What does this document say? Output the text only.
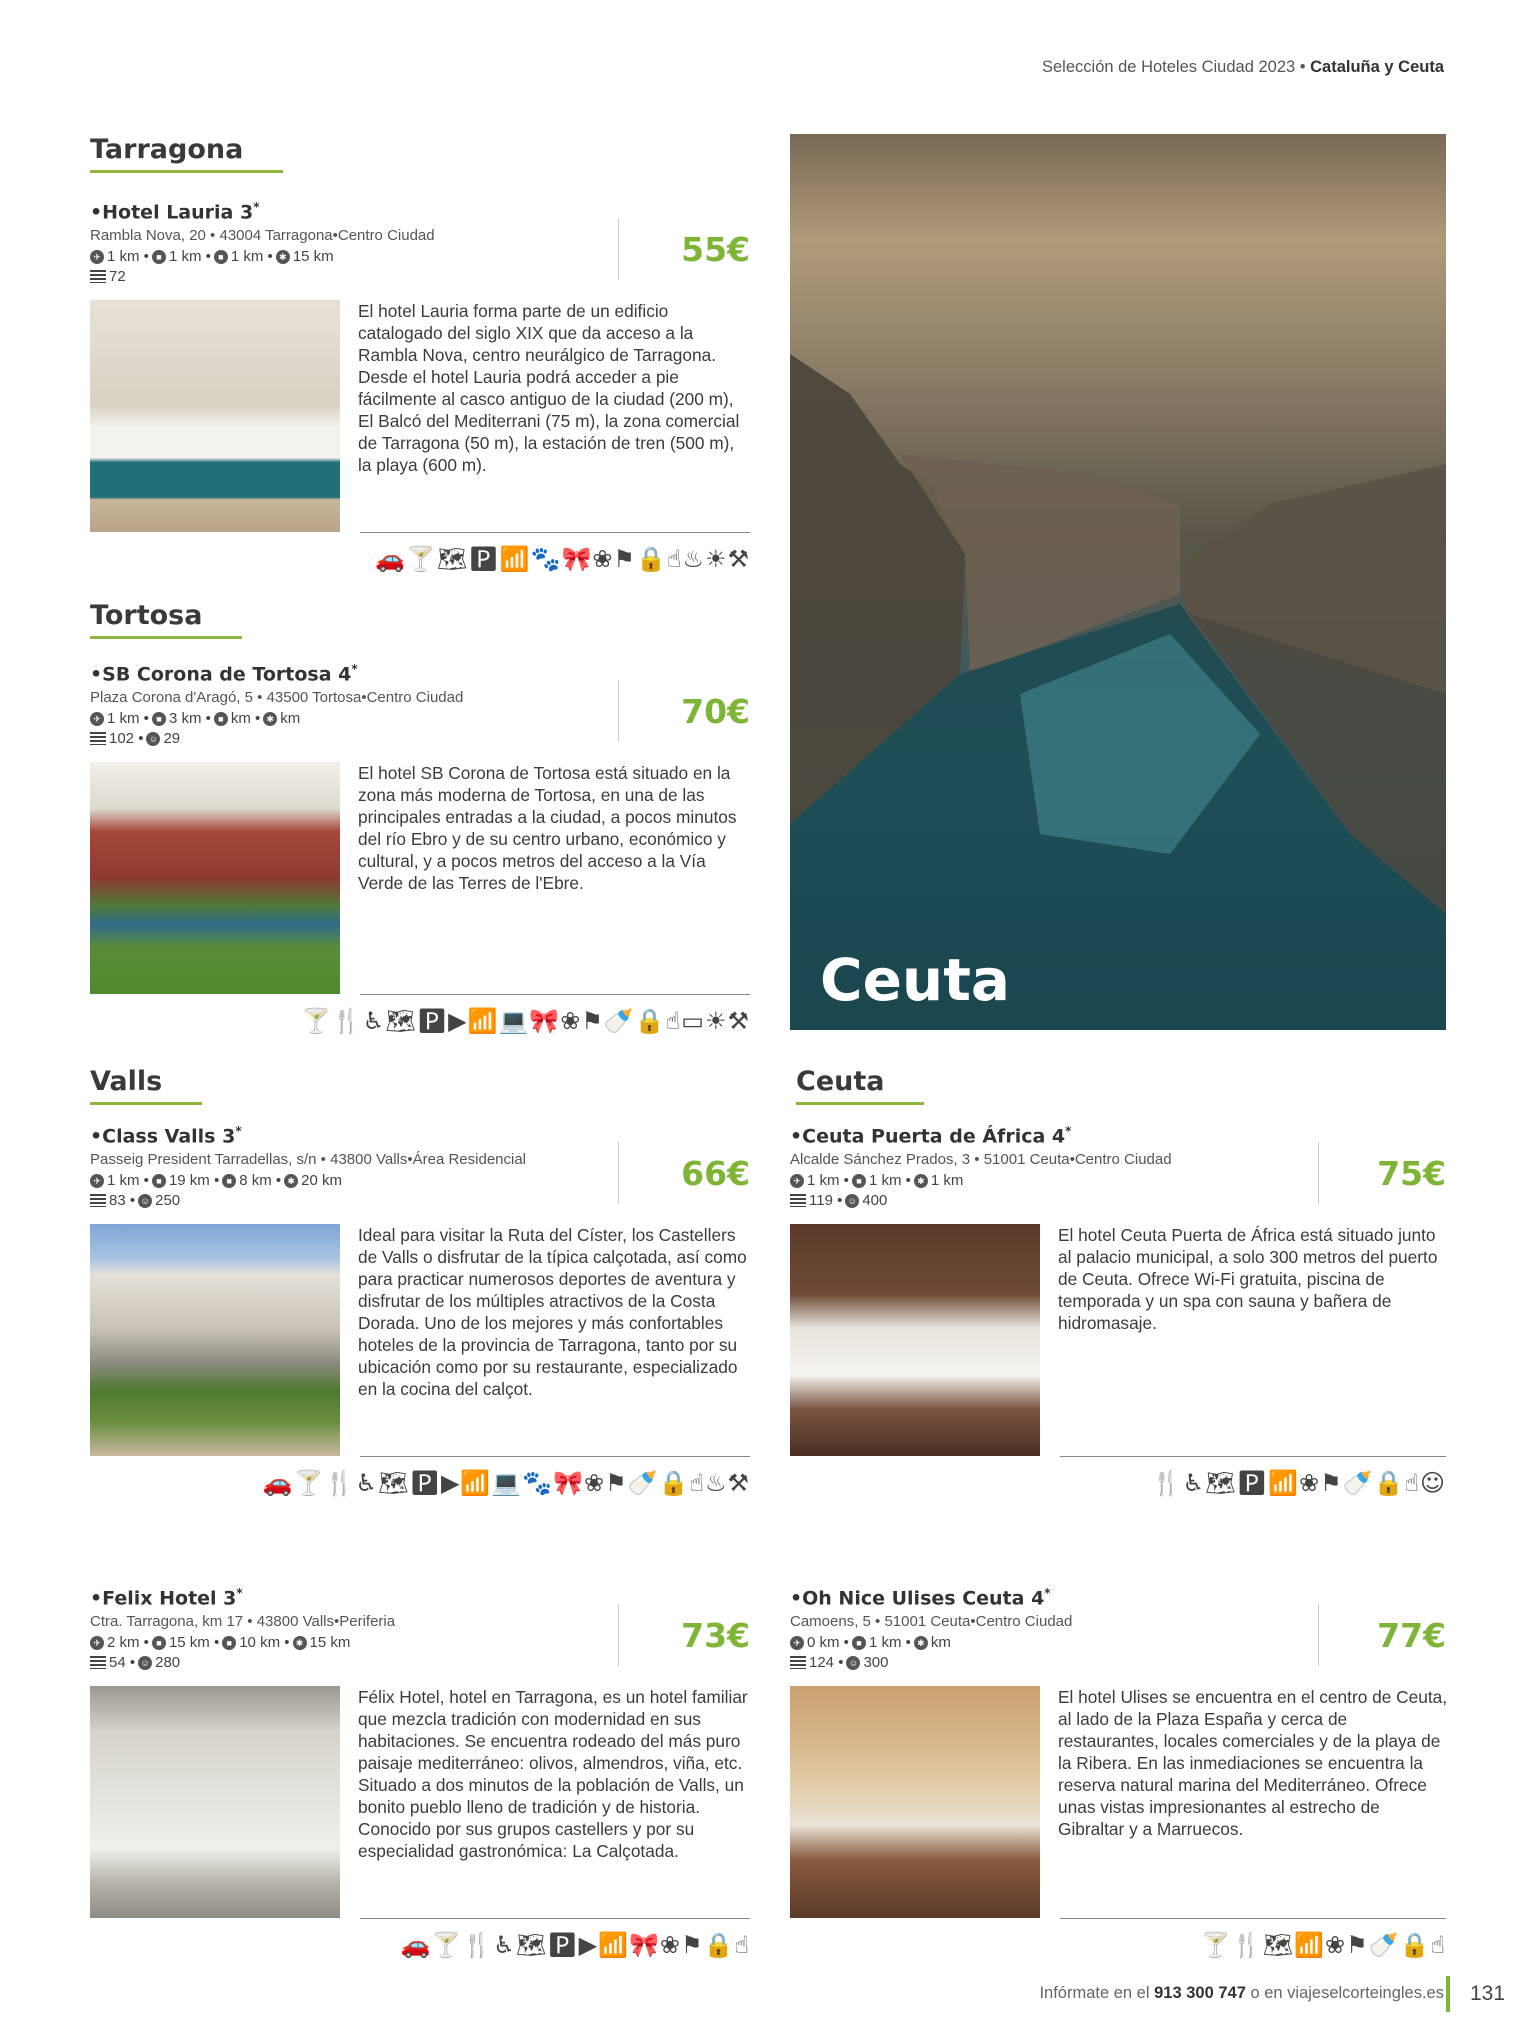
Selección de Hoteles Ciudad 2023 • Cataluña y Ceuta
Tarragona
Tortosa
Valls	Ceuta
Ceuta
•Hotel Lauria 3*
Rambla Nova, 20 • 43004 Tarragona•Centro Ciudad
✈ 1 km • ■ 1 km • ■ 1 km • ✱ 15 km
72
55€
El hotel Lauria forma parte de un edificio catalogado del siglo XIX que da acceso a la Rambla Nova, centro neurálgico de Tarragona. Desde el hotel Lauria podrá acceder a pie fácilmente al casco antiguo de la ciudad (200 m), El Balcó del Mediterrani (75 m), la zona comercial de Tarragona (50 m), la estación de tren (500 m), la playa (600 m).
🚗🍸🗺🅿📶🐾🎀❀⚑🔒☝♨☀⚒
•SB Corona de Tortosa 4*
Plaza Corona d'Aragó, 5 • 43500 Tortosa•Centro Ciudad
✈ 1 km • ■ 3 km • ■ km • ✱ km
102 • ☺ 29
70€
El hotel SB Corona de Tortosa está situado en la zona más moderna de Tortosa, en una de las principales entradas a la ciudad, a pocos minutos del río Ebro y de su centro urbano, económico y cultural, y a pocos metros del acceso a la Vía Verde de las Terres de l'Ebre.
🍸🍴♿🗺🅿▶📶💻🎀❀⚑🍼🔒☝▭☀⚒
•Class Valls 3*
Passeig President Tarradellas, s/n • 43800 Valls•Área Residencial
✈ 1 km • ■ 19 km • ■ 8 km • ✱ 20 km
83 • ☺ 250
66€
Ideal para visitar la Ruta del Císter, los Castellers de Valls o disfrutar de la típica calçotada, así como para practicar numerosos deportes de aventura y disfrutar de los múltiples atractivos de la Costa Dorada. Uno de los mejores y más confortables hoteles de la provincia de Tarragona, tanto por su ubicación como por su restaurante, especializado en la cocina del calçot.
🚗🍸🍴♿🗺🅿▶📶💻🐾🎀❀⚑🍼🔒☝♨⚒
•Ceuta Puerta de África 4*
Alcalde Sánchez Prados, 3 • 51001 Ceuta•Centro Ciudad
✈ 1 km • ■ 1 km • ✱ 1 km
119 • ☺ 400
75€
El hotel Ceuta Puerta de África está situado junto al palacio municipal, a solo 300 metros del puerto de Ceuta. Ofrece Wi-Fi gratuita, piscina de temporada y un spa con sauna y bañera de hidromasaje.
🍴♿🗺🅿📶❀⚑🍼🔒☝☺
•Felix Hotel 3*
Ctra. Tarragona, km 17 • 43800 Valls•Periferia
✈ 2 km • ■ 15 km • ■ 10 km • ✱ 15 km
54 • ☺ 280
73€
Félix Hotel, hotel en Tarragona, es un hotel familiar que mezcla tradición con modernidad en sus habitaciones. Se encuentra rodeado del más puro paisaje mediterráneo: olivos, almendros, viña, etc. Situado a dos minutos de la población de Valls, un bonito pueblo lleno de tradición y de historia. Conocido por sus grupos castellers y por su especialidad gastronómica: La Calçotada.
🚗🍸🍴♿🗺🅿▶📶🎀❀⚑🔒☝
•Oh Nice Ulises Ceuta 4*
Camoens, 5 • 51001 Ceuta•Centro Ciudad
✈ 0 km • ■ 1 km • ✱ km
124 • ☺ 300
77€
El hotel Ulises se encuentra en el centro de Ceuta, al lado de la Plaza España y cerca de restaurantes, locales comerciales y de la playa de la Ribera. En las inmediaciones se encuentra la reserva natural marina del Mediterráneo. Ofrece unas vistas impresionantes al estrecho de Gibraltar y a Marruecos.
🍸🍴🗺📶❀⚑🍼🔒☝
Infórmate en el 913 300 747 o en viajeselcorteingles.es 131
